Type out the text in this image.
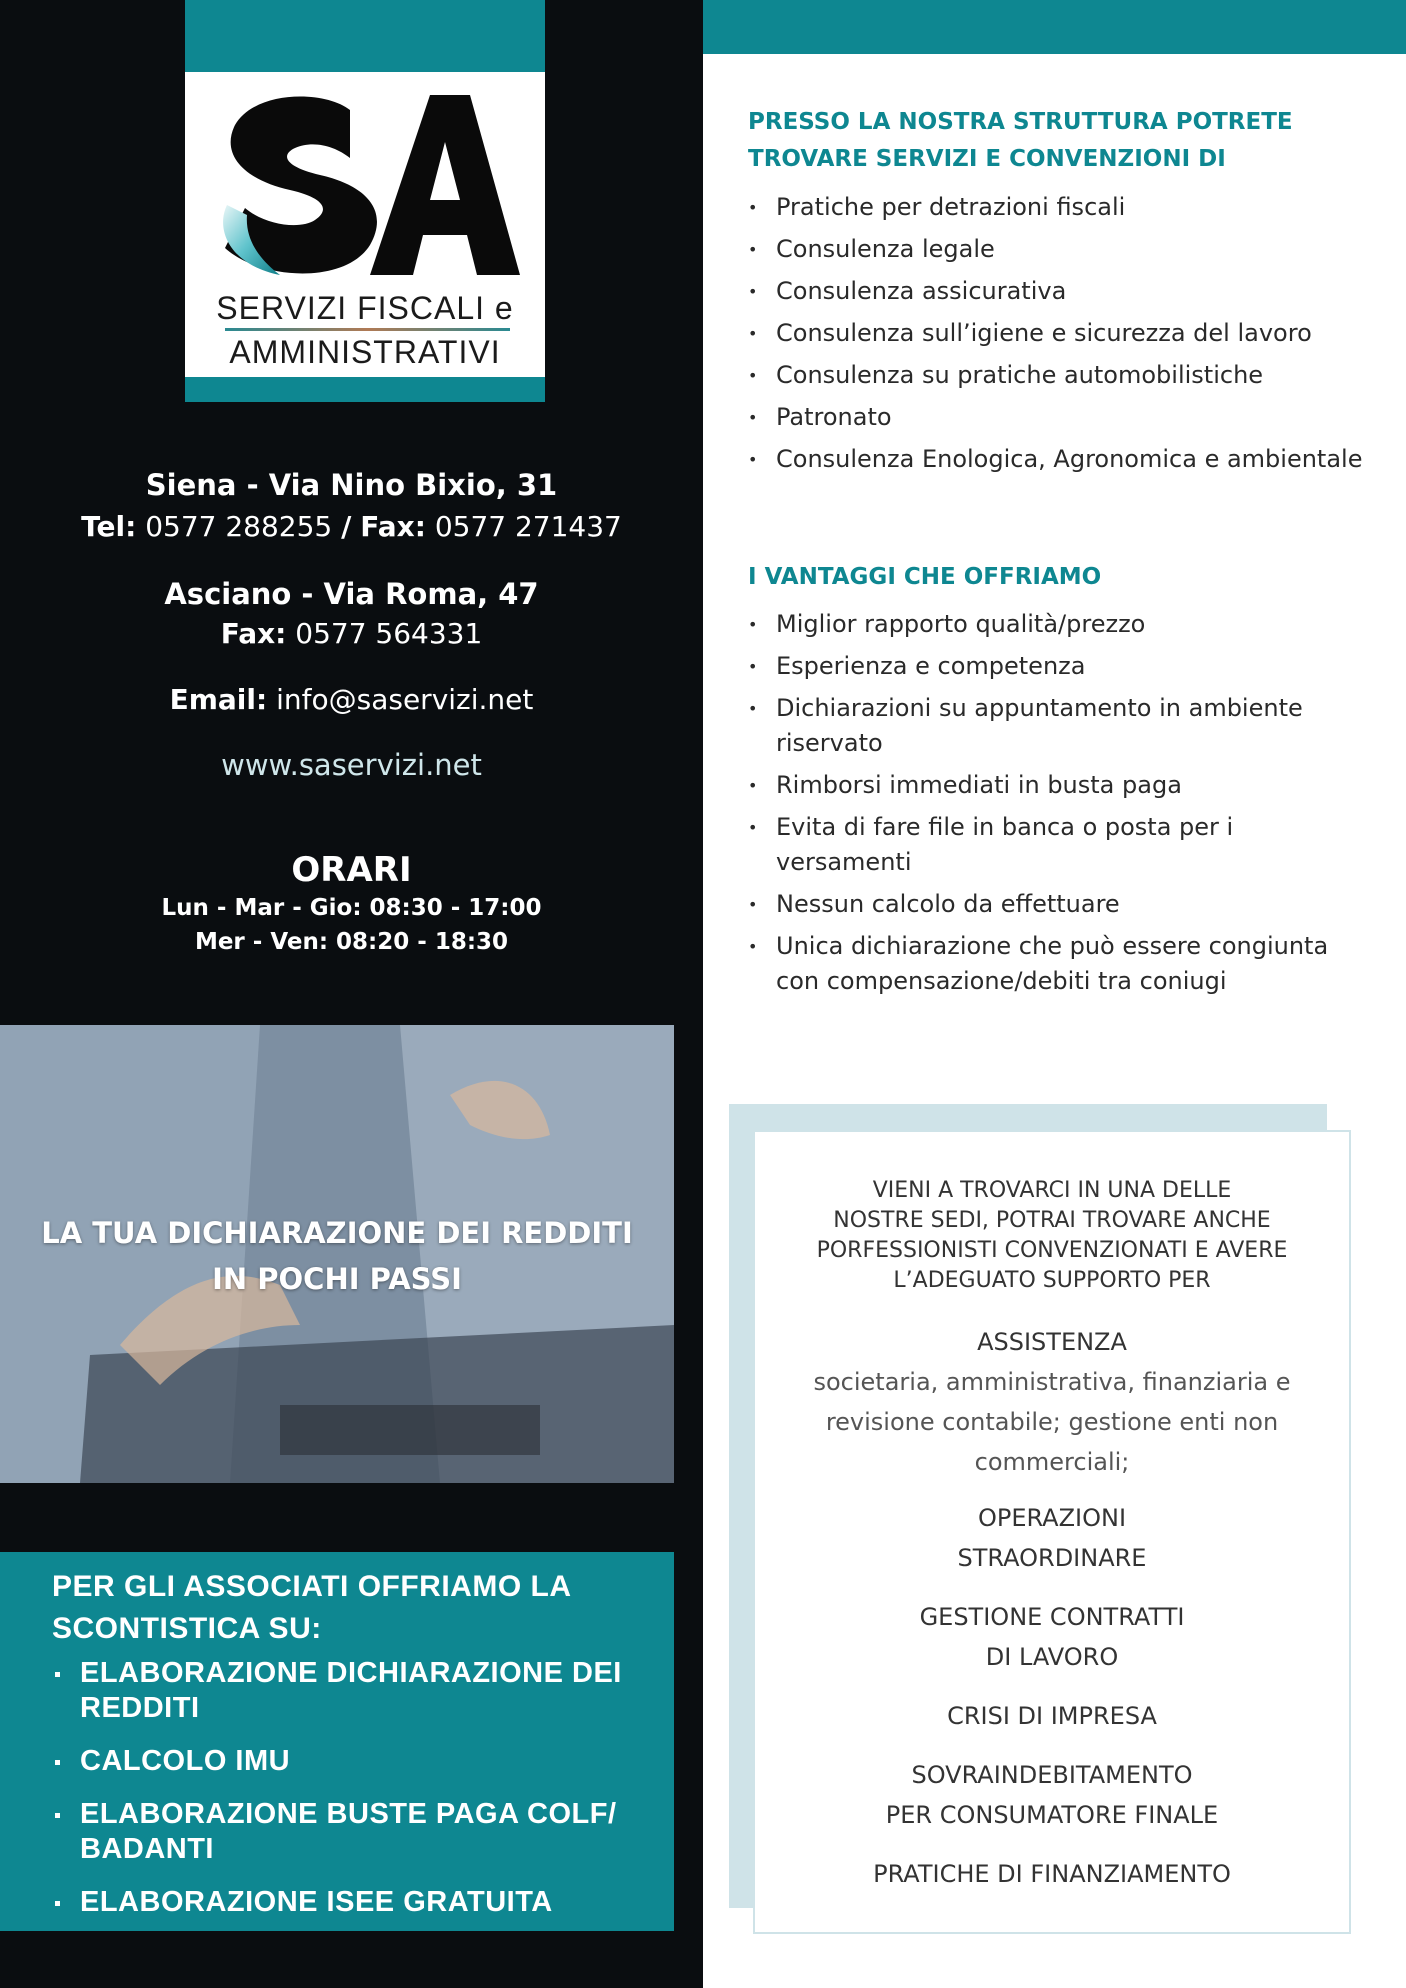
SERVIZI FISCALI e
AMMINISTRATIVI
Siena - Via Nino Bixio, 31
Tel: 0577 288255 / Fax: 0577 271437
Asciano - Via Roma, 47
Fax: 0577 564331
Email: info@saservizi.net
www.saservizi.net
ORARI
Lun - Mar - Gio: 08:30 - 17:00
Mer - Ven: 08:20 - 18:30
LA TUA DICHIARAZIONE DEI REDDITI
IN POCHI PASSI
PER GLI ASSOCIATI OFFRIAMO LA
SCONTISTICA SU:
ELABORAZIONE DICHIARAZIONE DEI REDDITI
CALCOLO IMU
ELABORAZIONE BUSTE PAGA COLF/ BADANTI
ELABORAZIONE ISEE GRATUITA
PRESSO LA NOSTRA STRUTTURA POTRETE
TROVARE SERVIZI E CONVENZIONI DI
• Pratiche per detrazioni fiscali
• Consulenza legale
• Consulenza assicurativa
• Consulenza sull’igiene e sicurezza del lavoro
• Consulenza su pratiche automobilistiche
• Patronato
• Consulenza Enologica, Agronomica e ambientale
I VANTAGGI CHE OFFRIAMO
• Miglior rapporto qualità/prezzo
• Esperienza e competenza
• Dichiarazioni su appuntamento in ambiente riservato
• Rimborsi immediati in busta paga
• Evita di fare file in banca o posta per i versamenti
• Nessun calcolo da effettuare
• Unica dichiarazione che può essere congiunta con compensazione/debiti tra coniugi
VIENI A TROVARCI IN UNA DELLE
NOSTRE SEDI, POTRAI TROVARE ANCHE
PORFESSIONISTI CONVENZIONATI E AVERE
L’ADEGUATO SUPPORTO PER
ASSISTENZA
societaria, amministrativa, finanziaria e
revisione contabile; gestione enti non
commerciali;
OPERAZIONI
STRAORDINARE
GESTIONE CONTRATTI
DI LAVORO
CRISI DI IMPRESA
SOVRAINDEBITAMENTO
PER CONSUMATORE FINALE
PRATICHE DI FINANZIAMENTO
